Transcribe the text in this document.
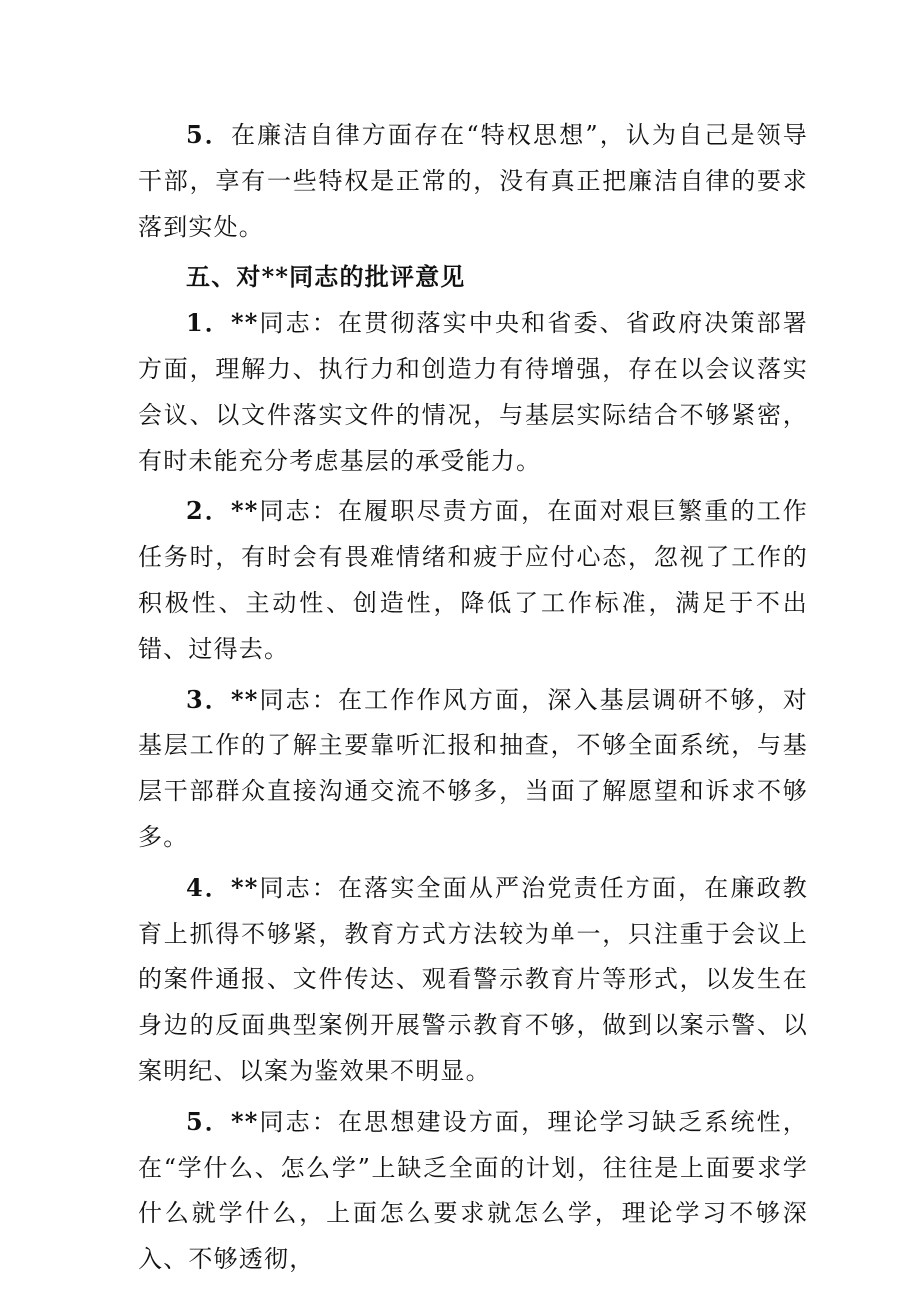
5．在廉洁自律方面存在“特权思想”，认为自己是领导干部，享有一些特权是正常的，没有真正把廉洁自律的要求落到实处。

五、对**同志的批评意见

1．**同志：在贯彻落实中央和省委、省政府决策部署方面，理解力、执行力和创造力有待增强，存在以会议落实会议、以文件落实文件的情况，与基层实际结合不够紧密，有时未能充分考虑基层的承受能力。

2．**同志：在履职尽责方面，在面对艰巨繁重的工作任务时，有时会有畏难情绪和疲于应付心态，忽视了工作的积极性、主动性、创造性，降低了工作标准，满足于不出错、过得去。

3．**同志：在工作作风方面，深入基层调研不够，对基层工作的了解主要靠听汇报和抽查，不够全面系统，与基层干部群众直接沟通交流不够多，当面了解愿望和诉求不够多。

4．**同志：在落实全面从严治党责任方面，在廉政教育上抓得不够紧，教育方式方法较为单一，只注重于会议上的案件通报、文件传达、观看警示教育片等形式，以发生在身边的反面典型案例开展警示教育不够，做到以案示警、以案明纪、以案为鉴效果不明显。

5．**同志：在思想建设方面，理论学习缺乏系统性，在“学什么、怎么学”上缺乏全面的计划，往往是上面要求学什么就学什么，上面怎么要求就怎么学，理论学习不够深入、不够透彻，
